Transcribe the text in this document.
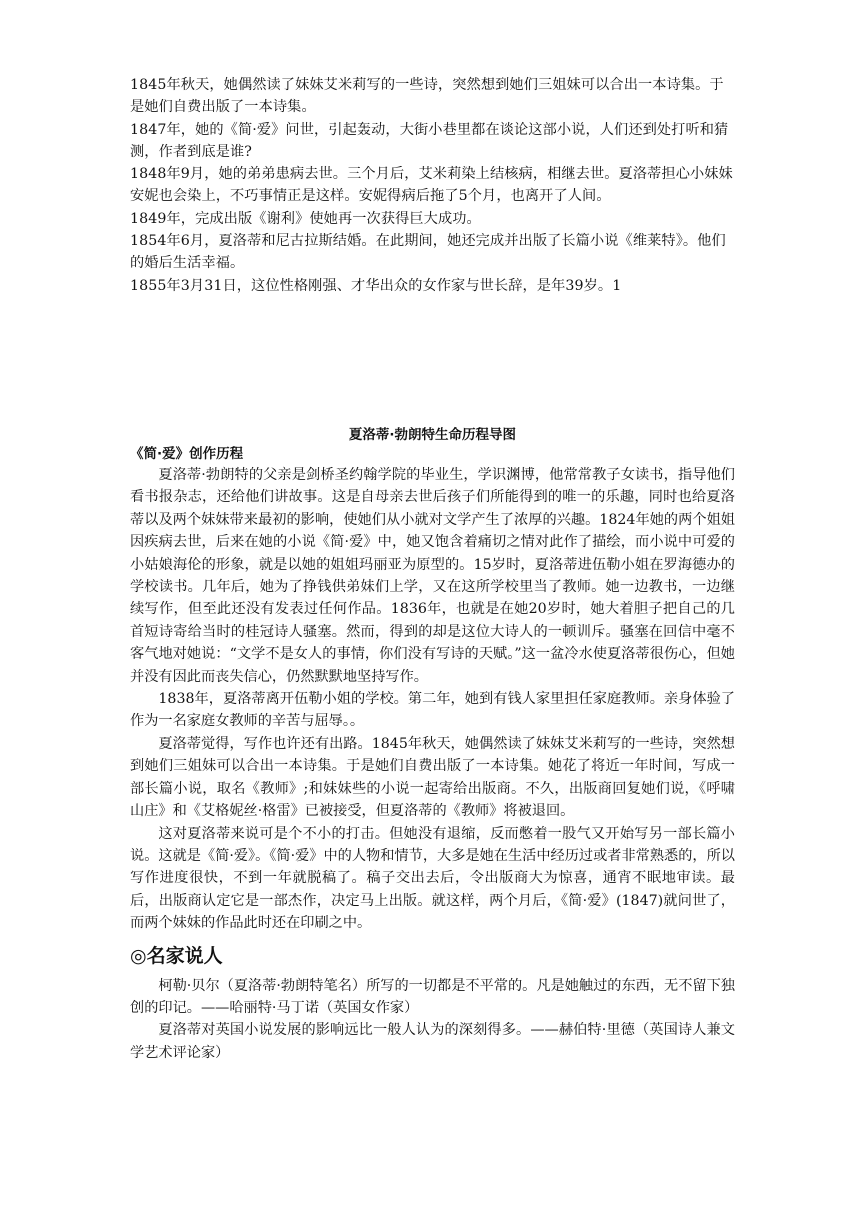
1845年秋天，她偶然读了妹妹艾米莉写的一些诗，突然想到她们三姐妹可以合出一本诗集。于是她们自费出版了一本诗集。

1847年，她的《简·爱》问世，引起轰动，大街小巷里都在谈论这部小说，人们还到处打听和猜测，作者到底是谁?

1848年9月，她的弟弟患病去世。三个月后，艾米莉染上结核病，相继去世。夏洛蒂担心小妹妹安妮也会染上，不巧事情正是这样。安妮得病后拖了5个月，也离开了人间。

1849年，完成出版《谢利》使她再一次获得巨大成功。

1854年6月，夏洛蒂和尼古拉斯结婚。在此期间，她还完成并出版了长篇小说《维莱特》。他们的婚后生活幸福。

1855年3月31日，这位性格刚强、才华出众的女作家与世长辞，是年39岁。1

夏洛蒂·勃朗特生命历程导图
《简·爱》创作历程

夏洛蒂·勃朗特的父亲是剑桥圣约翰学院的毕业生，学识渊博，他常常教子女读书，指导他们看书报杂志，还给他们讲故事。这是自母亲去世后孩子们所能得到的唯一的乐趣，同时也给夏洛蒂以及两个妹妹带来最初的影响，使她们从小就对文学产生了浓厚的兴趣。1824年她的两个姐姐因疾病去世，后来在她的小说《简·爱》中，她又饱含着痛切之情对此作了描绘，而小说中可爱的小姑娘海伦的形象，就是以她的姐姐玛丽亚为原型的。15岁时，夏洛蒂进伍勒小姐在罗海德办的学校读书。几年后，她为了挣钱供弟妹们上学，又在这所学校里当了教师。她一边教书，一边继续写作，但至此还没有发表过任何作品。1836年，也就是在她20岁时，她大着胆子把自己的几首短诗寄给当时的桂冠诗人骚塞。然而，得到的却是这位大诗人的一顿训斥。骚塞在回信中毫不客气地对她说：“文学不是女人的事情，你们没有写诗的天赋。”这一盆冷水使夏洛蒂很伤心，但她并没有因此而丧失信心，仍然默默地坚持写作。

1838年，夏洛蒂离开伍勒小姐的学校。第二年，她到有钱人家里担任家庭教师。亲身体验了作为一名家庭女教师的辛苦与屈辱。。

夏洛蒂觉得，写作也许还有出路。1845年秋天，她偶然读了妹妹艾米莉写的一些诗，突然想到她们三姐妹可以合出一本诗集。于是她们自费出版了一本诗集。她花了将近一年时间，写成一部长篇小说，取名《教师》;和妹妹些的小说一起寄给出版商。不久，出版商回复她们说，《呼啸山庄》和《艾格妮丝·格雷》已被接受，但夏洛蒂的《教师》将被退回。

这对夏洛蒂来说可是个不小的打击。但她没有退缩，反而憋着一股气又开始写另一部长篇小说。这就是《简·爱》。《简·爱》中的人物和情节，大多是她在生活中经历过或者非常熟悉的，所以写作进度很快，不到一年就脱稿了。稿子交出去后，令出版商大为惊喜，通宵不眠地审读。最后，出版商认定它是一部杰作，决定马上出版。就这样，两个月后，《简·爱》(1847)就问世了，而两个妹妹的作品此时还在印刷之中。

◎名家说人

柯勒·贝尔（夏洛蒂·勃朗特笔名）所写的一切都是不平常的。凡是她触过的东西，无不留下独创的印记。——哈丽特·马丁诺（英国女作家）

夏洛蒂对英国小说发展的影响远比一般人认为的深刻得多。——赫伯特·里德（英国诗人兼文学艺术评论家）
